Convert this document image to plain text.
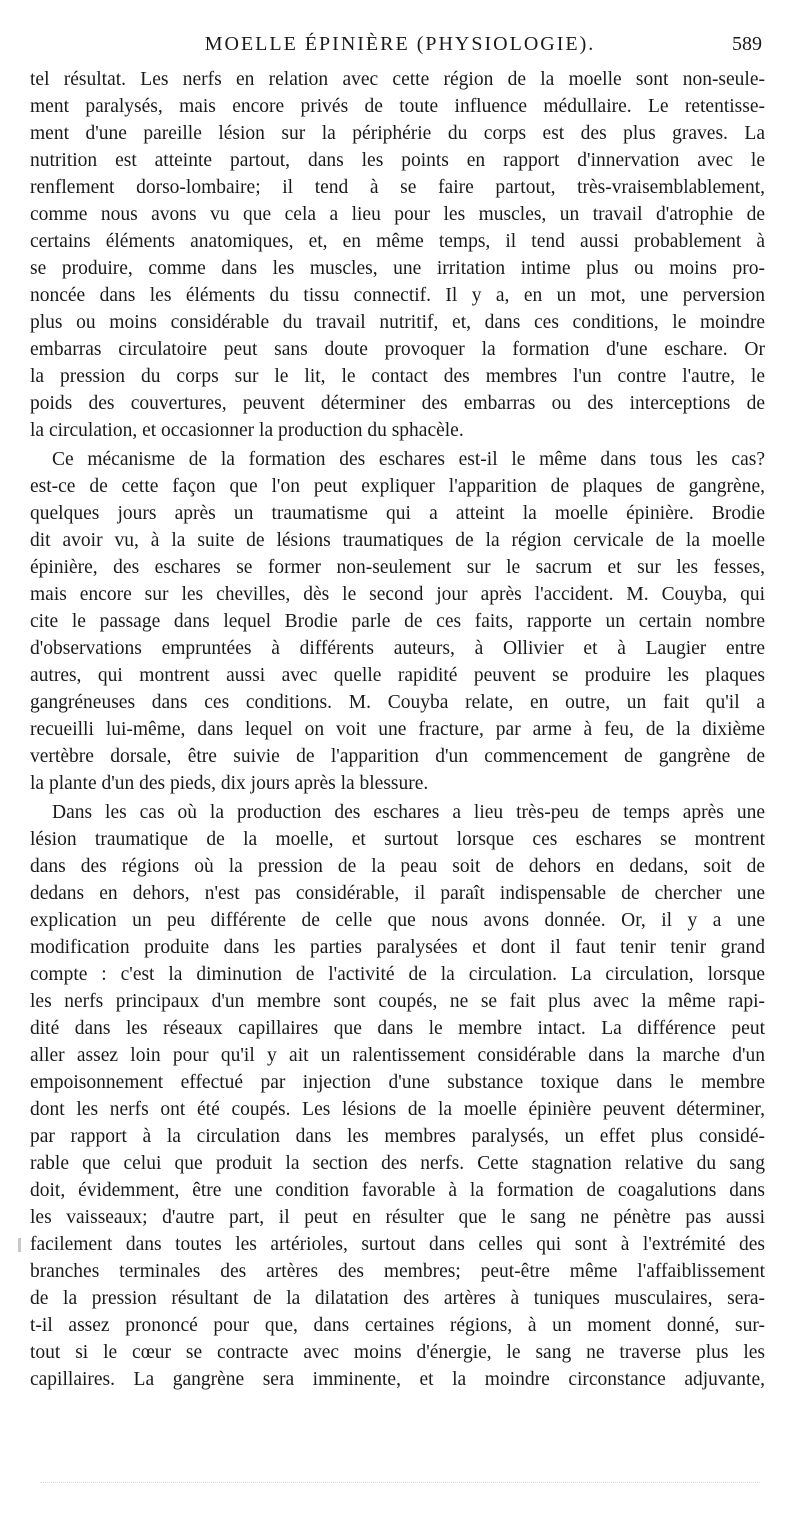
MOELLE ÉPINIÈRE (PHYSIOLOGIE).	589
tel résultat. Les nerfs en relation avec cette région de la moelle sont non-seule-
ment paralysés, mais encore privés de toute influence médullaire. Le retentisse-
ment d'une pareille lésion sur la périphérie du corps est des plus graves. La
nutrition est atteinte partout, dans les points en rapport d'innervation avec le
renflement dorso-lombaire; il tend à se faire partout, très-vraisemblablement,
comme nous avons vu que cela a lieu pour les muscles, un travail d'atrophie de
certains éléments anatomiques, et, en même temps, il tend aussi probablement à
se produire, comme dans les muscles, une irritation intime plus ou moins pro-
noncée dans les éléments du tissu connectif. Il y a, en un mot, une perversion
plus ou moins considérable du travail nutritif, et, dans ces conditions, le moindre
embarras circulatoire peut sans doute provoquer la formation d'une eschare. Or
la pression du corps sur le lit, le contact des membres l'un contre l'autre, le
poids des couvertures, peuvent déterminer des embarras ou des interceptions de
la circulation, et occasionner la production du sphacèle.
Ce mécanisme de la formation des eschares est-il le même dans tous les cas?
est-ce de cette façon que l'on peut expliquer l'apparition de plaques de gangrène,
quelques jours après un traumatisme qui a atteint la moelle épinière. Brodie
dit avoir vu, à la suite de lésions traumatiques de la région cervicale de la moelle
épinière, des eschares se former non-seulement sur le sacrum et sur les fesses,
mais encore sur les chevilles, dès le second jour après l'accident. M. Couyba, qui
cite le passage dans lequel Brodie parle de ces faits, rapporte un certain nombre
d'observations empruntées à différents auteurs, à Ollivier et à Laugier entre
autres, qui montrent aussi avec quelle rapidité peuvent se produire les plaques
gangréneuses dans ces conditions. M. Couyba relate, en outre, un fait qu'il a
recueilli lui-même, dans lequel on voit une fracture, par arme à feu, de la dixième
vertèbre dorsale, être suivie de l'apparition d'un commencement de gangrène de
la plante d'un des pieds, dix jours après la blessure.
Dans les cas où la production des eschares a lieu très-peu de temps après une
lésion traumatique de la moelle, et surtout lorsque ces eschares se montrent
dans des régions où la pression de la peau soit de dehors en dedans, soit de
dedans en dehors, n'est pas considérable, il paraît indispensable de chercher une
explication un peu différente de celle que nous avons donnée. Or, il y a une
modification produite dans les parties paralysées et dont il faut tenir tenir grand
compte : c'est la diminution de l'activité de la circulation. La circulation, lorsque
les nerfs principaux d'un membre sont coupés, ne se fait plus avec la même rapi-
dité dans les réseaux capillaires que dans le membre intact. La différence peut
aller assez loin pour qu'il y ait un ralentissement considérable dans la marche d'un
empoisonnement effectué par injection d'une substance toxique dans le membre
dont les nerfs ont été coupés. Les lésions de la moelle épinière peuvent déterminer,
par rapport à la circulation dans les membres paralysés, un effet plus considé-
rable que celui que produit la section des nerfs. Cette stagnation relative du sang
doit, évidemment, être une condition favorable à la formation de coagalutions dans
les vaisseaux; d'autre part, il peut en résulter que le sang ne pénètre pas aussi
facilement dans toutes les artérioles, surtout dans celles qui sont à l'extrémité des
branches terminales des artères des membres; peut-être même l'affaiblissement
de la pression résultant de la dilatation des artères à tuniques musculaires, sera-
t-il assez prononcé pour que, dans certaines régions, à un moment donné, sur-
tout si le cœur se contracte avec moins d'énergie, le sang ne traverse plus les
capillaires. La gangrène sera imminente, et la moindre circonstance adjuvante,
